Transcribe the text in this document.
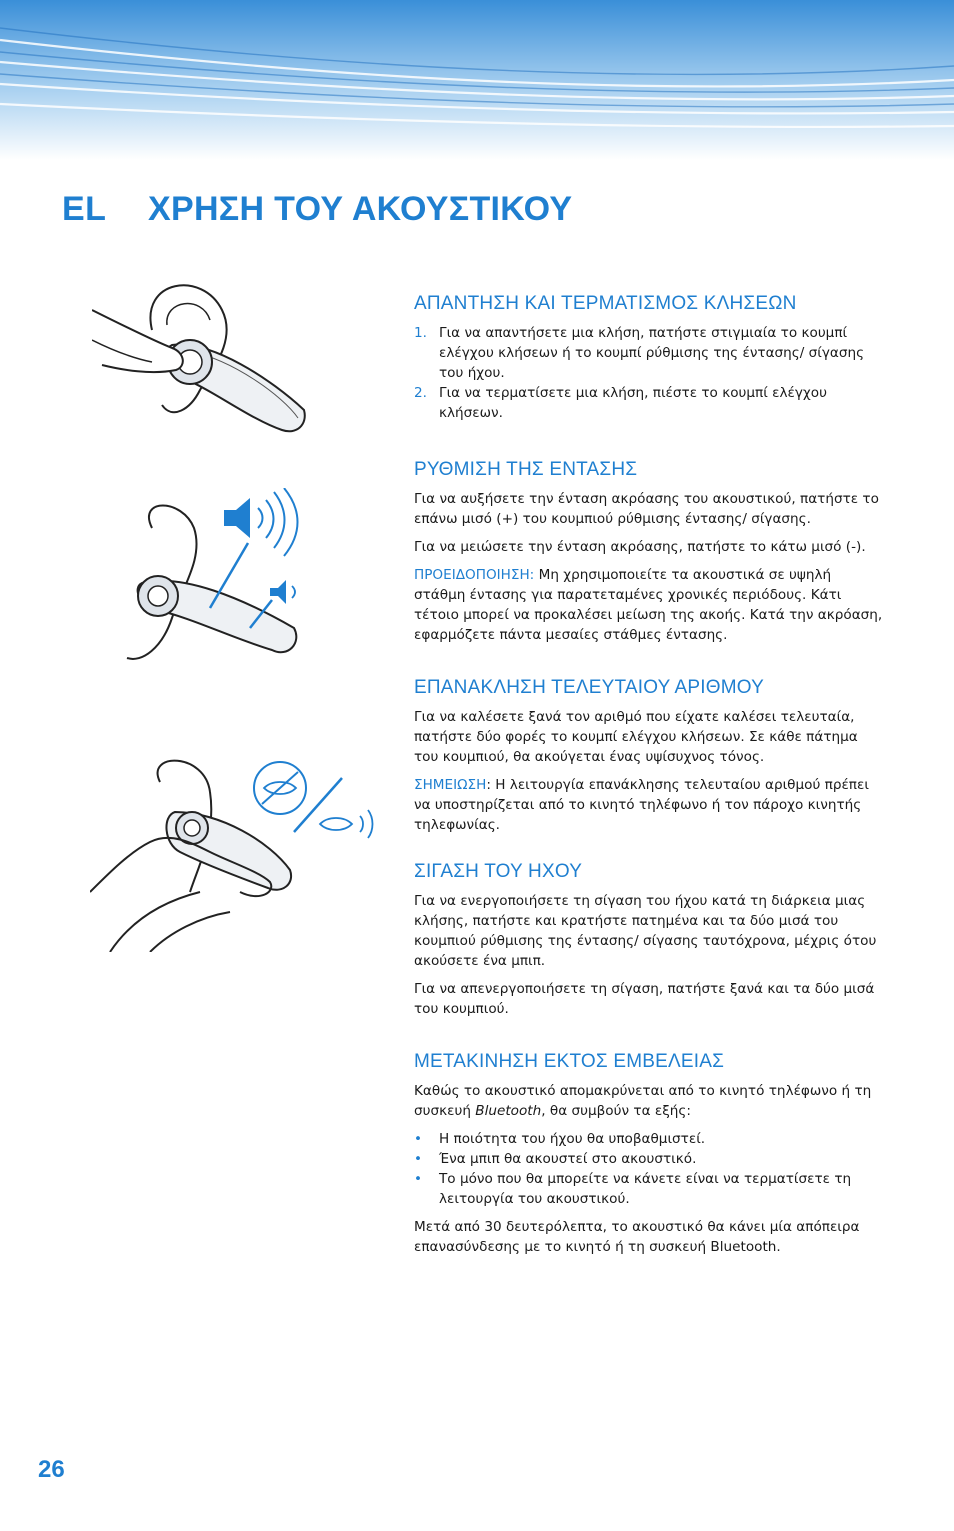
EL ΧΡΗΣΗ ΤΟΥ ΑΚΟΥΣΤΙΚΟΥ
ΑΠΑΝΤΗΣΗ ΚΑΙ ΤΕΡΜΑΤΙΣΜΟΣ ΚΛΗΣΕΩΝ
1. Για να απαντήσετε μια κλήση, πατήστε στιγμιαία το κουμπί ελέγχου κλήσεων ή το κουμπί ρύθμισης της έντασης/ σίγασης του ήχου.
2. Για να τερματίσετε μια κλήση, πιέστε το κουμπί ελέγχου κλήσεων.
ΡΥΘΜΙΣΗ ΤΗΣ ΕΝΤΑΣΗΣ
Για να αυξήσετε την ένταση ακρόασης του ακουστικού, πατήστε το επάνω μισό (+) του κουμπιού ρύθμισης έντασης/ σίγασης.
Για να μειώσετε την ένταση ακρόασης, πατήστε το κάτω μισό (-).
ΠΡΟΕΙΔΟΠΟΙΗΣΗ: Μη χρησιμοποιείτε τα ακουστικά σε υψηλή στάθμη έντασης για παρατεταμένες χρονικές περιόδους. Κάτι τέτοιο μπορεί να προκαλέσει μείωση της ακοής. Κατά την ακρόαση, εφαρμόζετε πάντα μεσαίες στάθμες έντασης.
ΕΠΑΝΑΚΛΗΣΗ ΤΕΛΕΥΤΑΙΟΥ ΑΡΙΘΜΟΥ
Για να καλέσετε ξανά τον αριθμό που είχατε καλέσει τελευταία, πατήστε δύο φορές το κουμπί ελέγχου κλήσεων. Σε κάθε πάτημα του κουμπιού, θα ακούγεται ένας υψίσυχνος τόνος.
ΣΗΜΕΙΩΣΗ: Η λειτουργία επανάκλησης τελευταίου αριθμού πρέπει να υποστηρίζεται από το κινητό τηλέφωνο ή τον πάροχο κινητής τηλεφωνίας.
ΣΙΓΑΣΗ ΤΟΥ ΗΧΟΥ
Για να ενεργοποιήσετε τη σίγαση του ήχου κατά τη διάρκεια μιας κλήσης, πατήστε και κρατήστε πατημένα και τα δύο μισά του κουμπιού ρύθμισης της έντασης/ σίγασης ταυτόχρονα, μέχρις ότου ακούσετε ένα μπιπ.
Για να απενεργοποιήσετε τη σίγαση, πατήστε ξανά και τα δύο μισά του κουμπιού.
ΜΕΤΑΚΙΝΗΣΗ ΕΚΤΟΣ ΕΜΒΕΛΕΙΑΣ
Καθώς το ακουστικό απομακρύνεται από το κινητό τηλέφωνο ή τη συσκευή Bluetooth, θα συμβούν τα εξής:
• Η ποιότητα του ήχου θα υποβαθμιστεί.
• Ένα μπιπ θα ακουστεί στο ακουστικό.
• Το μόνο που θα μπορείτε να κάνετε είναι να τερματίσετε τη λειτουργία του ακουστικού.
Μετά από 30 δευτερόλεπτα, το ακουστικό θα κάνει μία απόπειρα επανασύνδεσης με το κινητό ή τη συσκευή Bluetooth.
26
